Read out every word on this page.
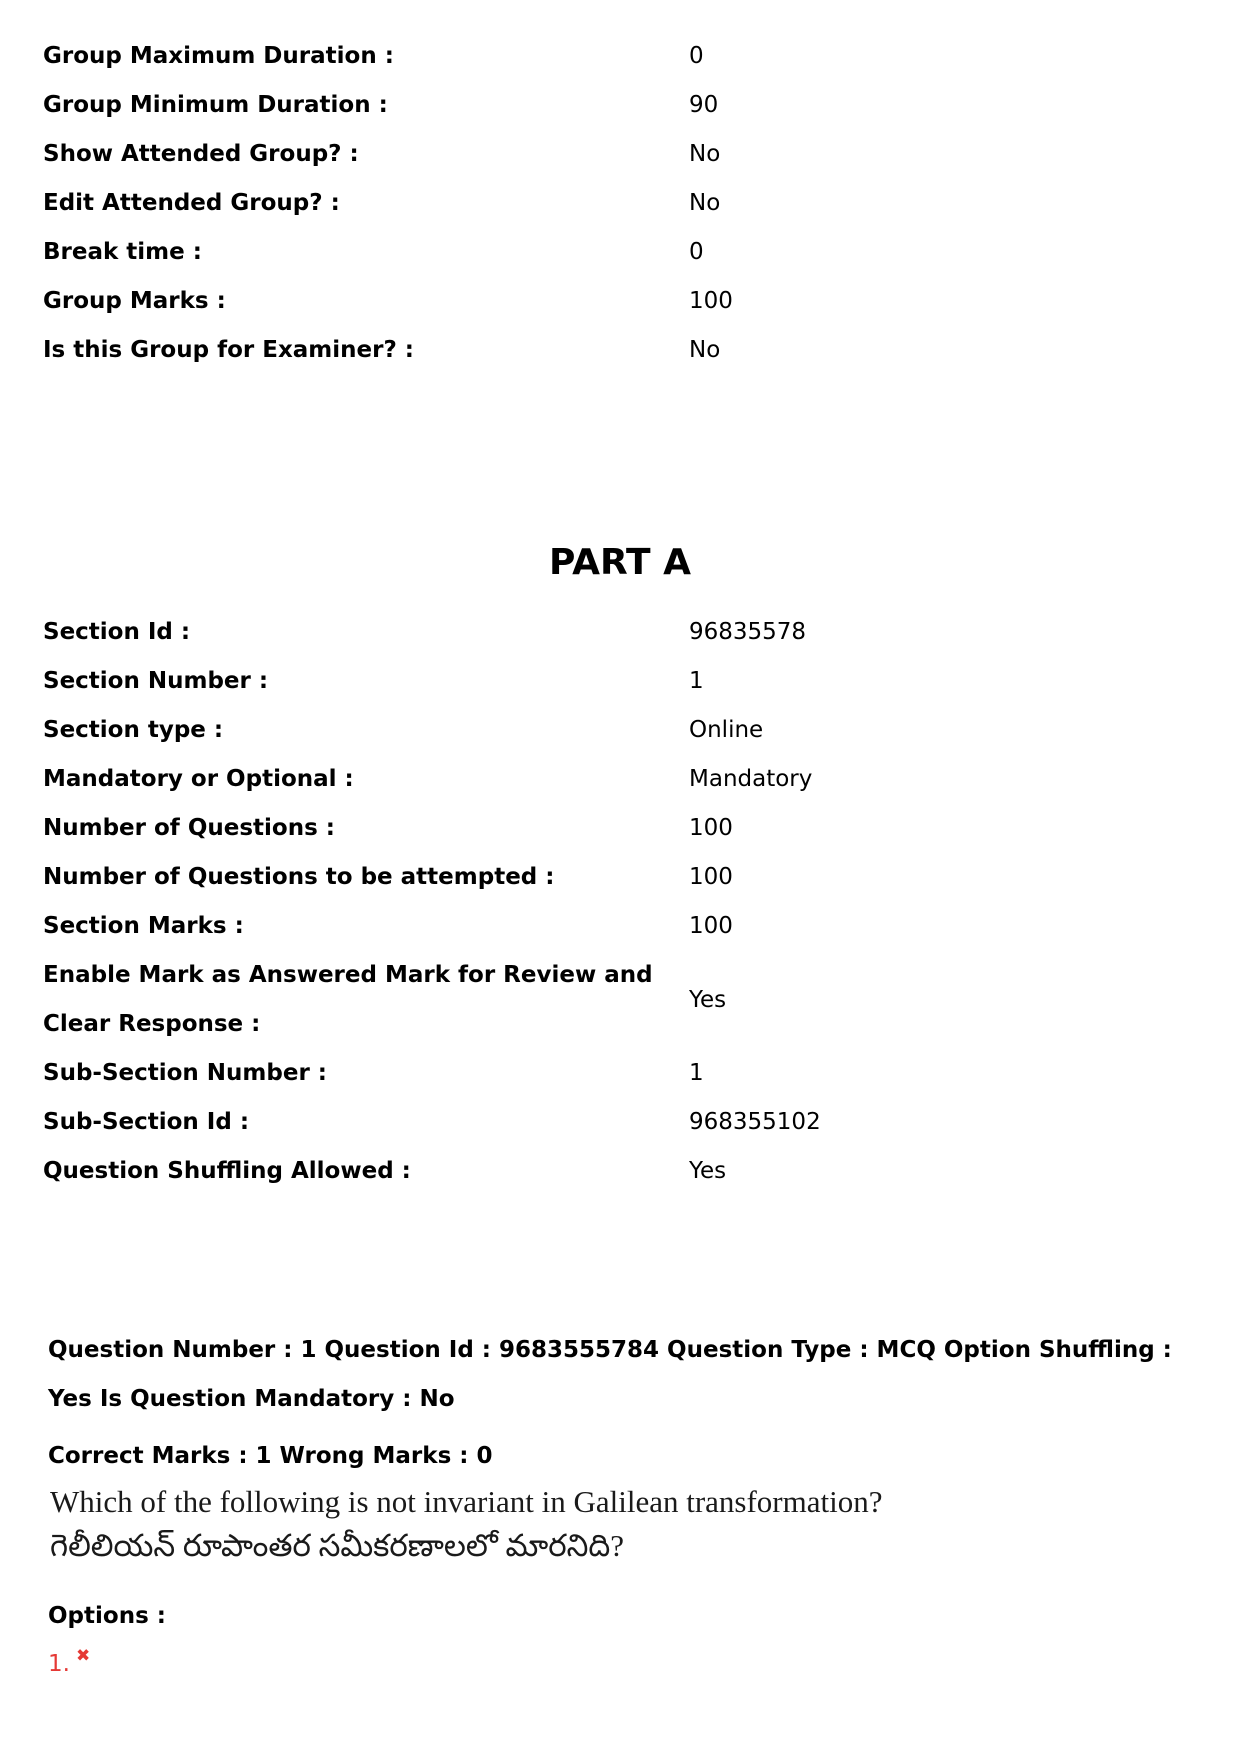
Group Maximum Duration :	0
Group Minimum Duration :	90
Show Attended Group? :	No
Edit Attended Group? :	No
Break time :	0
Group Marks :	100
Is this Group for Examiner? :	No
PART A
Section Id :	96835578
Section Number :	1
Section type :	Online
Mandatory or Optional :	Mandatory
Number of Questions :	100
Number of Questions to be attempted :	100
Section Marks :	100
Enable Mark as Answered Mark for Review and Clear Response :	Yes
Sub-Section Number :	1
Sub-Section Id :	968355102
Question Shuffling Allowed :	Yes
Question Number : 1 Question Id : 9683555784 Question Type : MCQ Option Shuffling : Yes Is Question Mandatory : No
Correct Marks : 1 Wrong Marks : 0
Which of the following is not invariant in Galilean transformation?
గెలీలియన్ రూపాంతర సమీకరణాలలో మారనిది?
Options :
1. ✖
